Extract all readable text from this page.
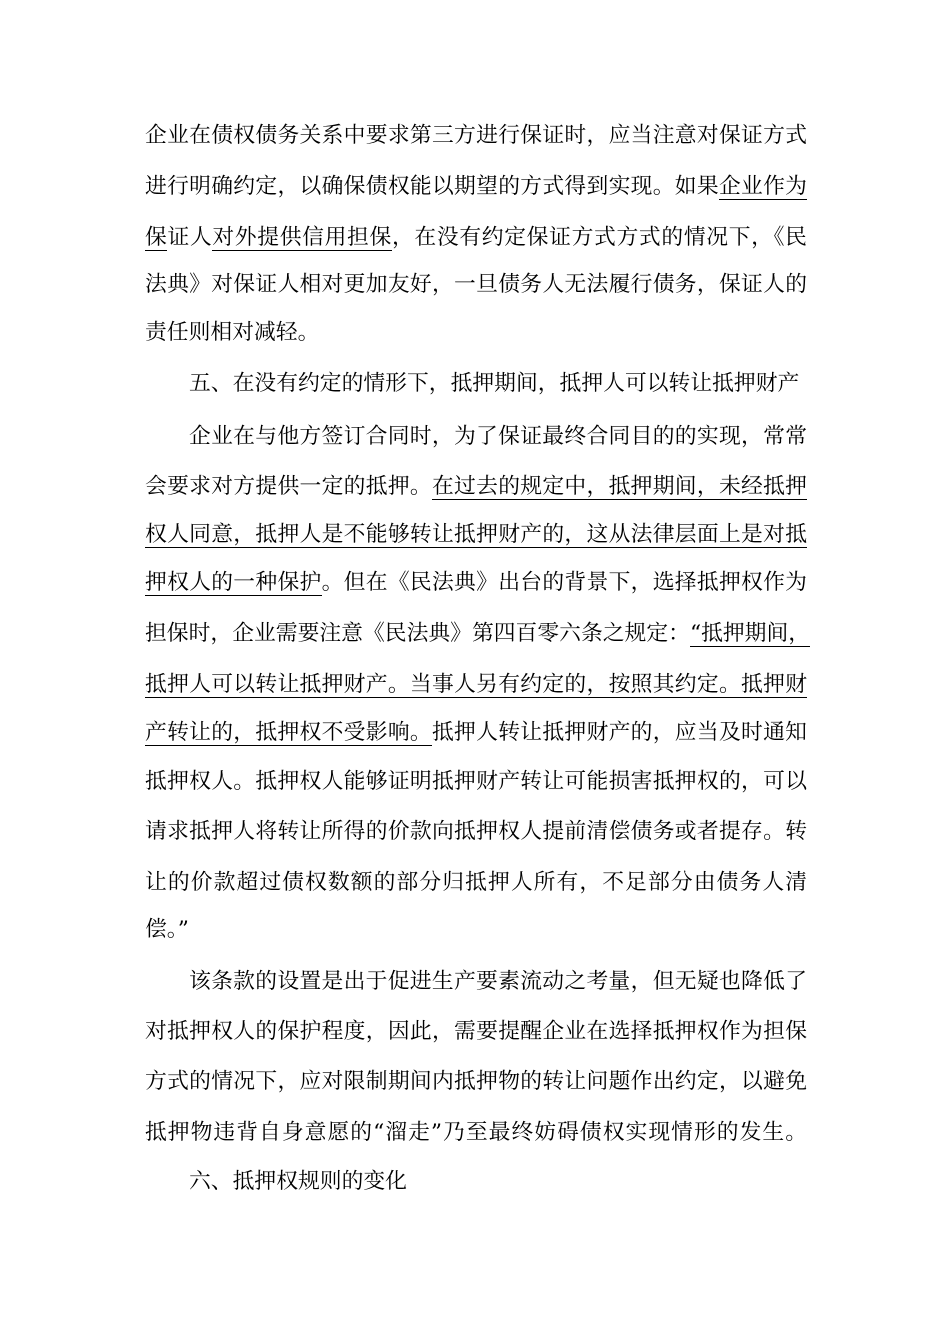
企业在债权债务关系中要求第三方进行保证时，应当注意对保证方式
进行明确约定，以确保债权能以期望的方式得到实现。如果企业作为
保证人对外提供信用担保，在没有约定保证方式方式的情况下，《民
法典》对保证人相对更加友好，一旦债务人无法履行债务，保证人的
责任则相对减轻。
五、在没有约定的情形下，抵押期间，抵押人可以转让抵押财产
企业在与他方签订合同时，为了保证最终合同目的的实现，常常
会要求对方提供一定的抵押。在过去的规定中，抵押期间，未经抵押
权人同意，抵押人是不能够转让抵押财产的，这从法律层面上是对抵
押权人的一种保护。但在《民法典》出台的背景下，选择抵押权作为
担保时，企业需要注意《民法典》第四百零六条之规定：“抵押期间，
抵押人可以转让抵押财产。当事人另有约定的，按照其约定。抵押财
产转让的，抵押权不受影响。抵押人转让抵押财产的，应当及时通知
抵押权人。抵押权人能够证明抵押财产转让可能损害抵押权的，可以
请求抵押人将转让所得的价款向抵押权人提前清偿债务或者提存。转
让的价款超过债权数额的部分归抵押人所有，不足部分由债务人清
偿。”
该条款的设置是出于促进生产要素流动之考量，但无疑也降低了
对抵押权人的保护程度，因此，需要提醒企业在选择抵押权作为担保
方式的情况下，应对限制期间内抵押物的转让问题作出约定，以避免
抵押物违背自身意愿的“溜走”乃至最终妨碍债权实现情形的发生。
六、抵押权规则的变化
